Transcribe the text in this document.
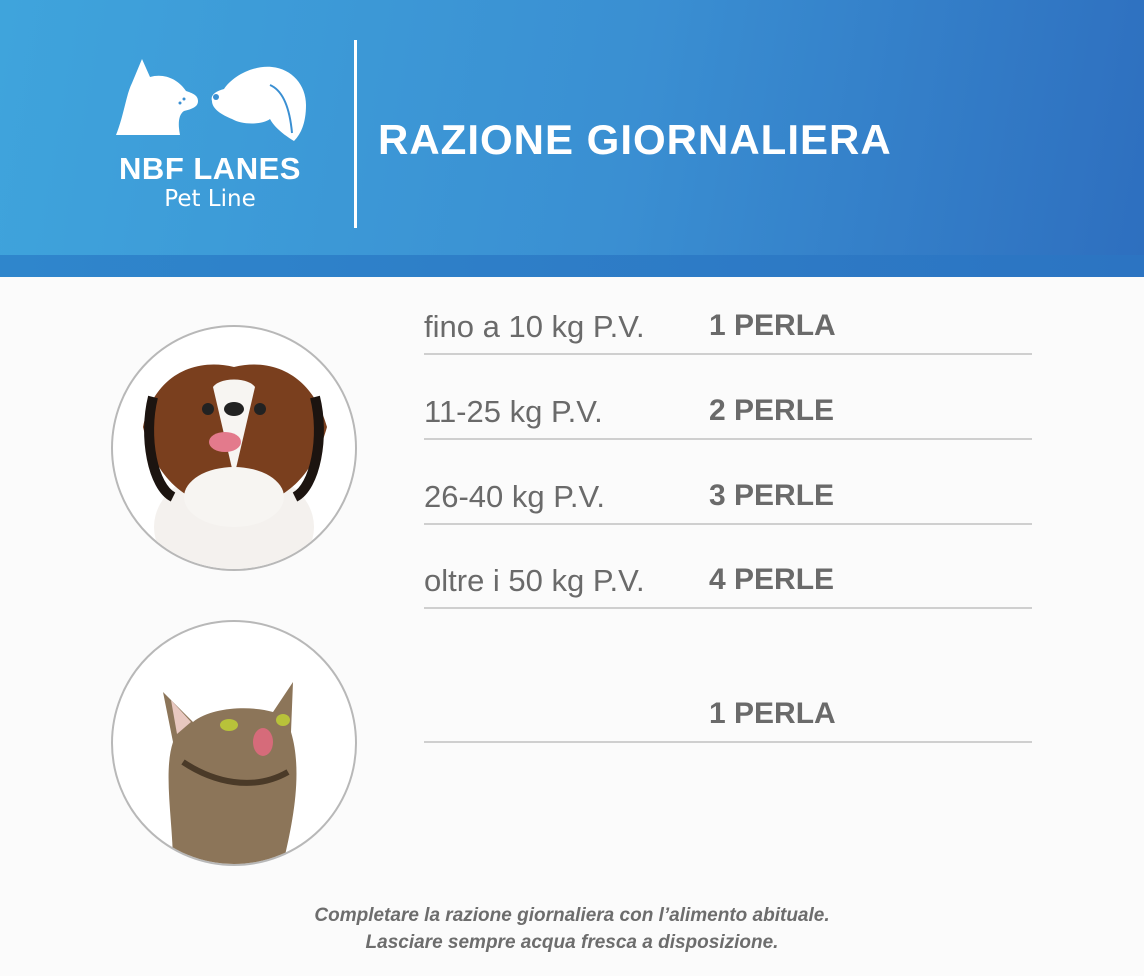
NBF LANES
Pet Line
RAZIONE GIORNALIERA
fino a 10 kg P.V. 1 PERLA
11-25 kg P.V.	2 PERLE
26-40 kg P.V.	3 PERLE
oltre i 50 kg P.V. 4 PERLE
1 PERLA
Completare la razione giornaliera con l’alimento abituale.
Lasciare sempre acqua fresca a disposizione.
